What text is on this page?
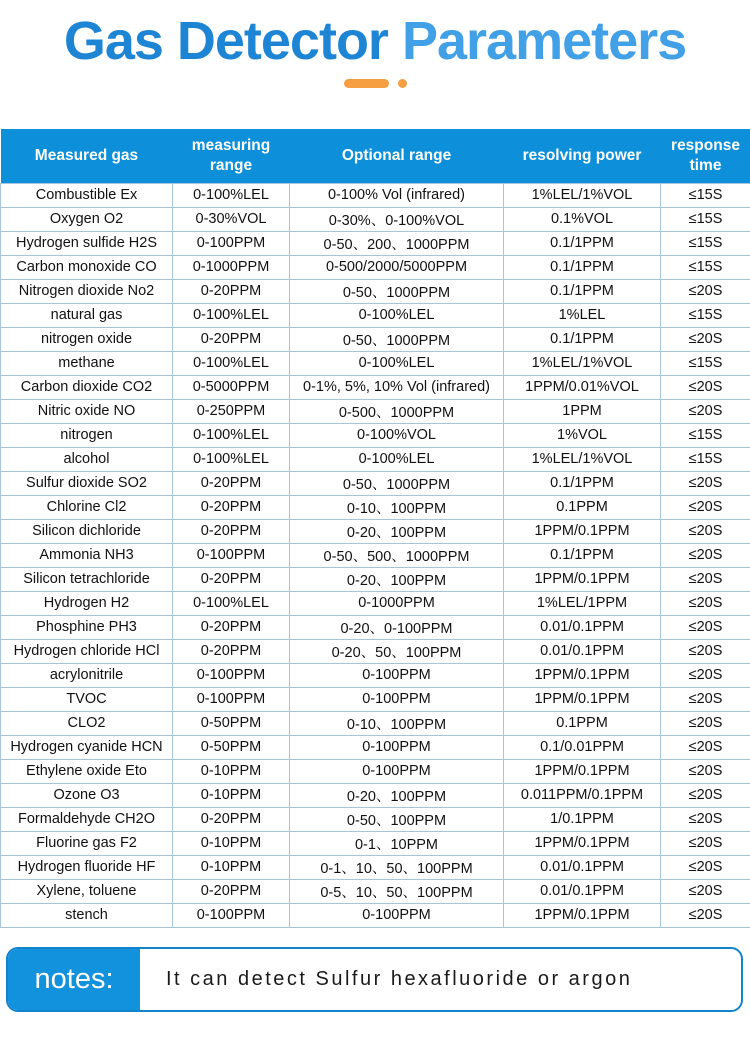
Gas Detector Parameters
Measured gas	measuring range	Optional range	resolving power	response time
Combustible Ex	0-100%LEL	0-100% Vol (infrared)	1%LEL/1%VOL	≤15S
Oxygen O2	0-30%VOL	0-30%、0-100%VOL	0.1%VOL	≤15S
Hydrogen sulfide H2S	0-100PPM	0-50、200、1000PPM	0.1/1PPM	≤15S
Carbon monoxide CO	0-1000PPM	0-500/2000/5000PPM	0.1/1PPM	≤15S
Nitrogen dioxide No2	0-20PPM	0-50、1000PPM	0.1/1PPM	≤20S
natural gas	0-100%LEL	0-100%LEL	1%LEL	≤15S
nitrogen oxide	0-20PPM	0-50、1000PPM	0.1/1PPM	≤20S
methane	0-100%LEL	0-100%LEL	1%LEL/1%VOL	≤15S
Carbon dioxide CO2	0-5000PPM	0-1%, 5%, 10% Vol (infrared)	1PPM/0.01%VOL	≤20S
Nitric oxide NO	0-250PPM	0-500、1000PPM	1PPM	≤20S
nitrogen	0-100%LEL	0-100%VOL	1%VOL	≤15S
alcohol	0-100%LEL	0-100%LEL	1%LEL/1%VOL	≤15S
Sulfur dioxide SO2	0-20PPM	0-50、1000PPM	0.1/1PPM	≤20S
Chlorine Cl2	0-20PPM	0-10、100PPM	0.1PPM	≤20S
Silicon dichloride	0-20PPM	0-20、100PPM	1PPM/0.1PPM	≤20S
Ammonia NH3	0-100PPM	0-50、500、1000PPM	0.1/1PPM	≤20S
Silicon tetrachloride	0-20PPM	0-20、100PPM	1PPM/0.1PPM	≤20S
Hydrogen H2	0-100%LEL	0-1000PPM	1%LEL/1PPM	≤20S
Phosphine PH3	0-20PPM	0-20、0-100PPM	0.01/0.1PPM	≤20S
Hydrogen chloride HCl	0-20PPM	0-20、50、100PPM	0.01/0.1PPM	≤20S
acrylonitrile	0-100PPM	0-100PPM	1PPM/0.1PPM	≤20S
TVOC	0-100PPM	0-100PPM	1PPM/0.1PPM	≤20S
CLO2	0-50PPM	0-10、100PPM	0.1PPM	≤20S
Hydrogen cyanide HCN	0-50PPM	0-100PPM	0.1/0.01PPM	≤20S
Ethylene oxide Eto	0-10PPM	0-100PPM	1PPM/0.1PPM	≤20S
Ozone O3	0-10PPM	0-20、100PPM	0.011PPM/0.1PPM	≤20S
Formaldehyde CH2O	0-20PPM	0-50、100PPM	1/0.1PPM	≤20S
Fluorine gas F2	0-10PPM	0-1、10PPM	1PPM/0.1PPM	≤20S
Hydrogen fluoride HF	0-10PPM	0-1、10、50、100PPM	0.01/0.1PPM	≤20S
Xylene, toluene	0-20PPM	0-5、10、50、100PPM	0.01/0.1PPM	≤20S
stench	0-100PPM	0-100PPM	1PPM/0.1PPM	≤20S
notes:	It can detect Sulfur hexafluoride or argon
